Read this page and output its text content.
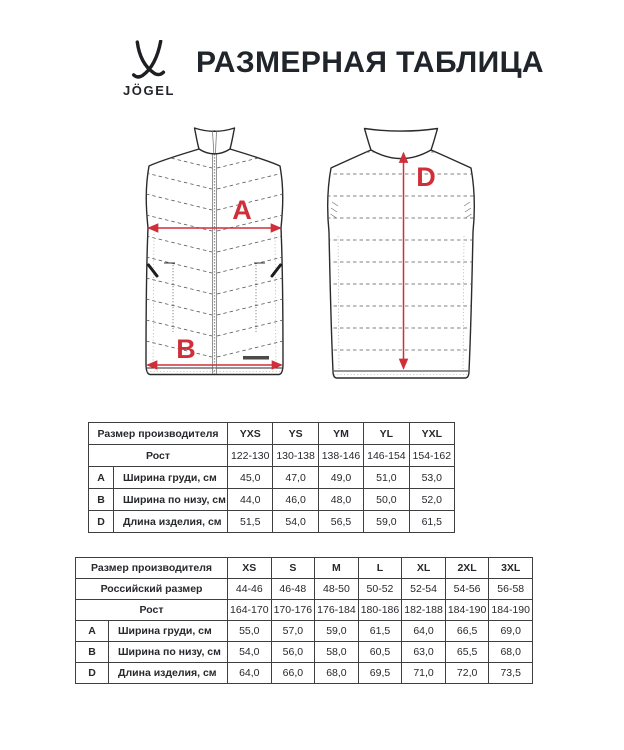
JÖGEL
РАЗМЕРНАЯ ТАБЛИЦА
A
B
D
Размер производителя		YXS	YS	YM	YL	YXL
Рост		122-130	130-138	138-146	146-154	154-162
A	Ширина груди, см	45,0	47,0	49,0	51,0	53,0
B	Ширина по низу, см	44,0	46,0	48,0	50,0	52,0
D	Длина изделия, см	51,5	54,0	56,5	59,0	61,5
Размер производителя		XS	S	M	L	XL	2XL	3XL
Российский размер		44-46	46-48	48-50	50-52	52-54	54-56	56-58
Рост		164-170	170-176	176-184	180-186	182-188	184-190	184-190
A	Ширина груди, см	55,0	57,0	59,0	61,5	64,0	66,5	69,0
B	Ширина по низу, см	54,0	56,0	58,0	60,5	63,0	65,5	68,0
D	Длина изделия, см	64,0	66,0	68,0	69,5	71,0	72,0	73,5
